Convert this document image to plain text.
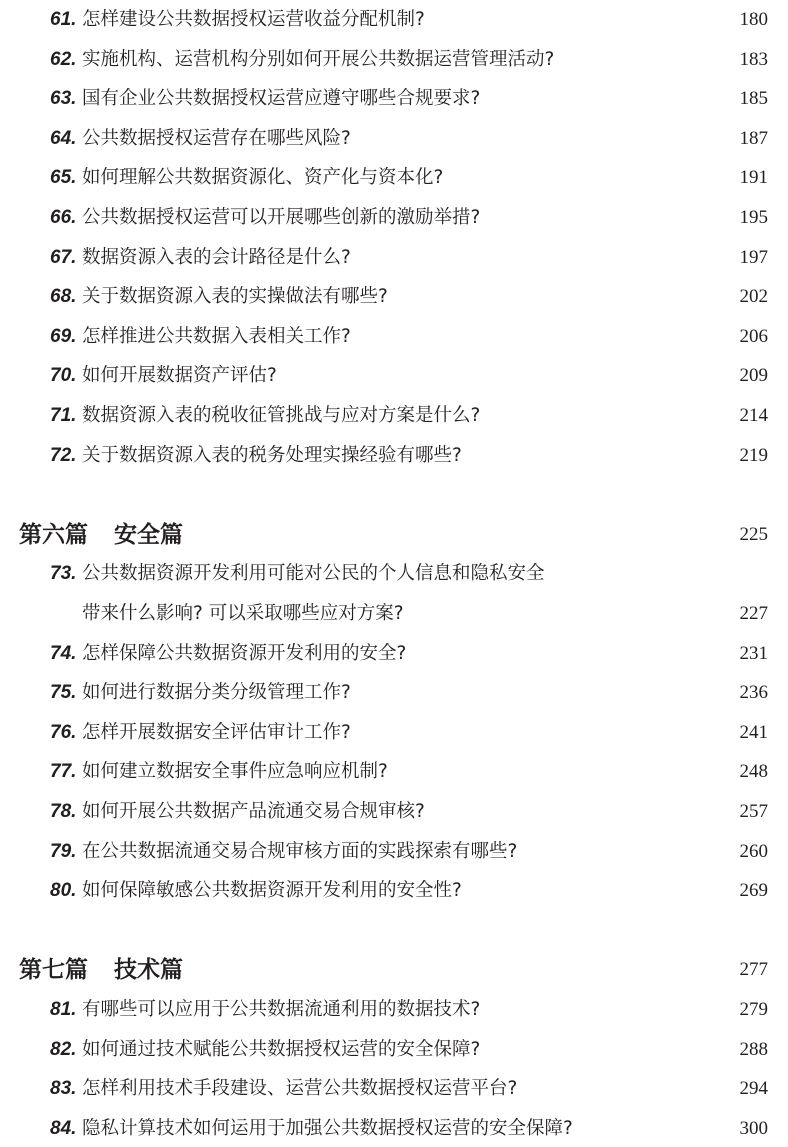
61. 怎样建设公共数据授权运营收益分配机制?	180
62. 实施机构、运营机构分别如何开展公共数据运营管理活动?	183
63. 国有企业公共数据授权运营应遵守哪些合规要求?	185
64. 公共数据授权运营存在哪些风险?	187
65. 如何理解公共数据资源化、资产化与资本化?	191
66. 公共数据授权运营可以开展哪些创新的激励举措?	195
67. 数据资源入表的会计路径是什么?	197
68. 关于数据资源入表的实操做法有哪些?	202
69. 怎样推进公共数据入表相关工作?	206
70. 如何开展数据资产评估?	209
71. 数据资源入表的税收征管挑战与应对方案是什么?	214
72. 关于数据资源入表的税务处理实操经验有哪些?	219
第六篇 安全篇	225
73. 公共数据资源开发利用可能对公民的个人信息和隐私安全
带来什么影响? 可以采取哪些应对方案?	227
74. 怎样保障公共数据资源开发利用的安全?	231
75. 如何进行数据分类分级管理工作?	236
76. 怎样开展数据安全评估审计工作?	241
77. 如何建立数据安全事件应急响应机制?	248
78. 如何开展公共数据产品流通交易合规审核?	257
79. 在公共数据流通交易合规审核方面的实践探索有哪些?	260
80. 如何保障敏感公共数据资源开发利用的安全性?	269
第七篇 技术篇	277
81. 有哪些可以应用于公共数据流通利用的数据技术?	279
82. 如何通过技术赋能公共数据授权运营的安全保障?	288
83. 怎样利用技术手段建设、运营公共数据授权运营平台?	294
84. 隐私计算技术如何运用于加强公共数据授权运营的安全保障?	300
